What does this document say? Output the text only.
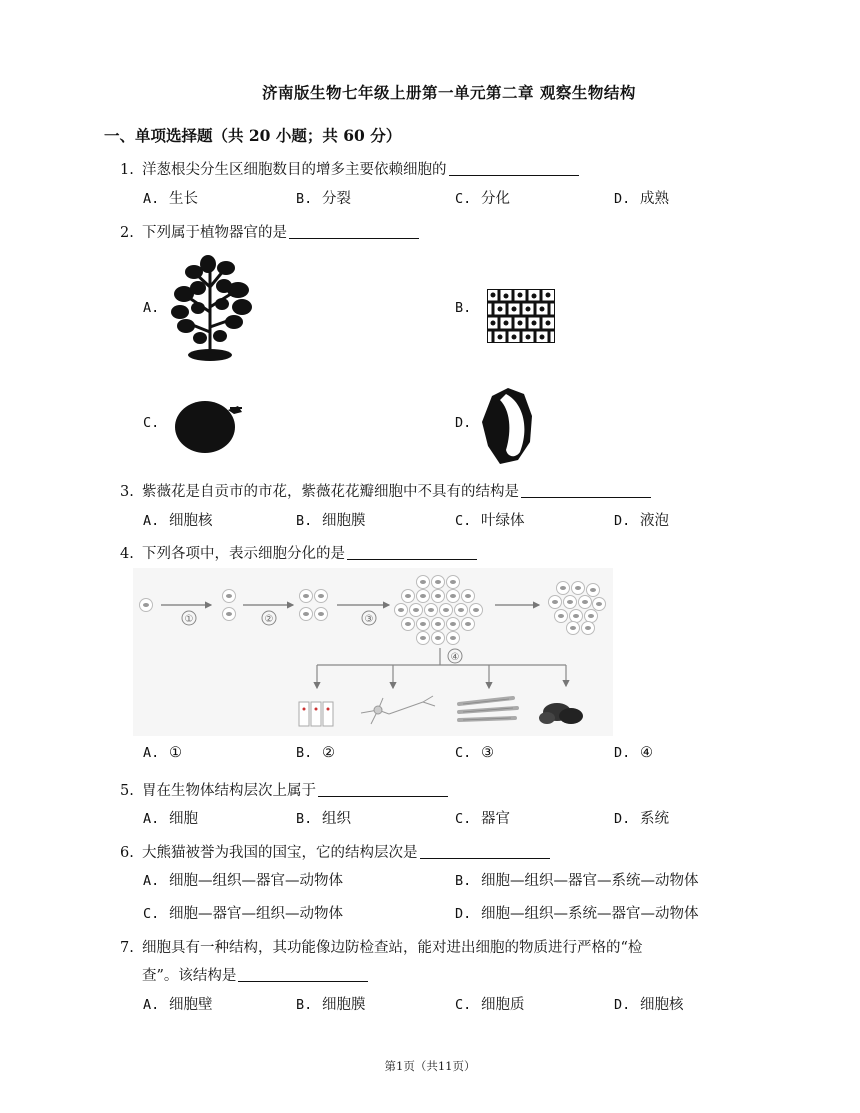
济南版生物七年级上册第一单元第二章 观察生物结构
一、单项选择题（共 20 小题；共 60 分）
1. 洋葱根尖分生区细胞数目的增多主要依赖细胞的
A. 生长	B. 分裂	C. 分化	D. 成熟
2. 下列属于植物器官的是
A.	B.
C.	D.
3. 紫薇花是自贡市的市花，紫薇花花瓣细胞中不具有的结构是
A. 细胞核	B. 细胞膜	C. 叶绿体	D. 液泡
4. 下列各项中，表示细胞分化的是
①	②	③
④
A. ①	B. ②	C. ③	D. ④
5. 胃在生物体结构层次上属于
A. 细胞	B. 组织	C. 器官	D. 系统
6. 大熊猫被誉为我国的国宝，它的结构层次是
A. 细胞—组织—器官—动物体	B. 细胞—组织—器官—系统—动物体
C. 细胞—器官—组织—动物体	D. 细胞—组织—系统—器官—动物体
7. 细胞具有一种结构，其功能像边防检查站，能对进出细胞的物质进行严格的“检
查”。该结构是
A. 细胞壁	B. 细胞膜	C. 细胞质	D. 细胞核
第1页（共11页）
